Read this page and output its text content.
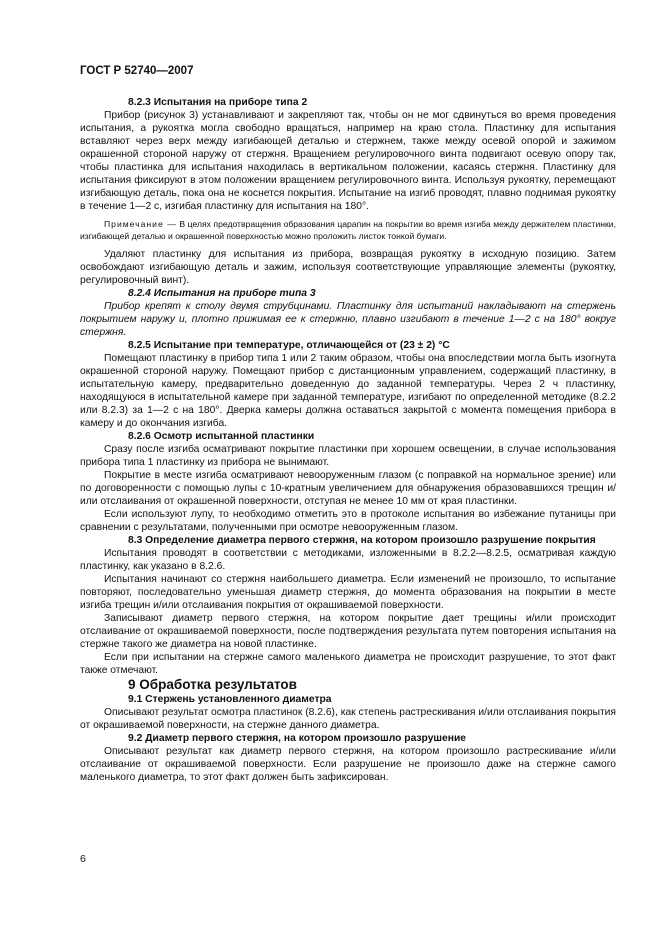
ГОСТ Р 52740—2007

8.2.3 Испытания на приборе типа 2

Прибор (рисунок 3) устанавливают и закрепляют так, чтобы он не мог сдвинуться во время проведения испытания, а рукоятка могла свободно вращаться, например на краю стола. Пластинку для испытания вставляют через верх между изгибающей деталью и стержнем, также между осевой опорой и зажимом окрашенной стороной наружу от стержня. Вращением регулировочного винта подвигают осевую опору так, чтобы пластинка для испытания находилась в вертикальном положении, касаясь стержня. Пластинку для испытания фиксируют в этом положении вращением регулировочного винта. Используя рукоятку, перемещают изгибающую деталь, пока она не коснется покрытия. Испытание на изгиб проводят, плавно поднимая рукоятку в течение 1—2 с, изгибая пластинку для испытания на 180°.

Примечание — В целях предотвращения образования царапин на покрытии во время изгиба между держателем пластинки, изгибающей деталью и окрашенной поверхностью можно проложить листок тонкой бумаги.

Удаляют пластинку для испытания из прибора, возвращая рукоятку в исходную позицию. Затем освобождают изгибающую деталь и зажим, используя соответствующие управляющие элементы (рукоятку, регулировочный винт).

8.2.4 Испытания на приборе типа 3

Прибор крепят к столу двумя струбцинами. Пластинку для испытаний накладывают на стержень покрытием наружу и, плотно прижимая ее к стержню, плавно изгибают в течение 1—2 с на 180° вокруг стержня.

8.2.5 Испытание при температуре, отличающейся от (23 ± 2) °С

Помещают пластинку в прибор типа 1 или 2 таким образом, чтобы она впоследствии могла быть изогнута окрашенной стороной наружу. Помещают прибор с дистанционным управлением, содержащий пластинку, в испытательную камеру, предварительно доведенную до заданной температуры. Через 2 ч пластинку, находящуюся в испытательной камере при заданной температуре, изгибают по определенной методике (8.2.2 или 8.2.3) за 1—2 с на 180°. Дверка камеры должна оставаться закрытой с момента помещения прибора в камеру и до окончания изгиба.

8.2.6 Осмотр испытанной пластинки

Сразу после изгиба осматривают покрытие пластинки при хорошем освещении, в случае использования прибора типа 1 пластинку из прибора не вынимают.

Покрытие в месте изгиба осматривают невооруженным глазом (с поправкой на нормальное зрение) или по договоренности с помощью лупы с 10-кратным увеличением для обнаружения образовавшихся трещин и/или отслаивания от окрашенной поверхности, отступая не менее 10 мм от края пластинки.

Если используют лупу, то необходимо отметить это в протоколе испытания во избежание путаницы при сравнении с результатами, полученными при осмотре невооруженным глазом.

8.3 Определение диаметра первого стержня, на котором произошло разрушение покрытия

Испытания проводят в соответствии с методиками, изложенными в 8.2.2—8.2.5, осматривая каждую пластинку, как указано в 8.2.6.

Испытания начинают со стержня наибольшего диаметра. Если изменений не произошло, то испытание повторяют, последовательно уменьшая диаметр стержня, до момента образования на покрытии в месте изгиба трещин и/или отслаивания покрытия от окрашиваемой поверхности.

Записывают диаметр первого стержня, на котором покрытие дает трещины и/или происходит отслаивание от окрашиваемой поверхности, после подтверждения результата путем повторения испытания на стержне такого же диаметра на новой пластинке.

Если при испытании на стержне самого маленького диаметра не происходит разрушение, то этот факт также отмечают.

9 Обработка результатов

9.1 Стержень установленного диаметра

Описывают результат осмотра пластинок (8.2.6), как степень растрескивания и/или отслаивания покрытия от окрашиваемой поверхности, на стержне данного диаметра.

9.2 Диаметр первого стержня, на котором произошло разрушение

Описывают результат как диаметр первого стержня, на котором произошло растрескивание и/или отслаивание от окрашиваемой поверхности. Если разрушение не произошло даже на стержне самого маленького диаметра, то этот факт должен быть зафиксирован.

6
